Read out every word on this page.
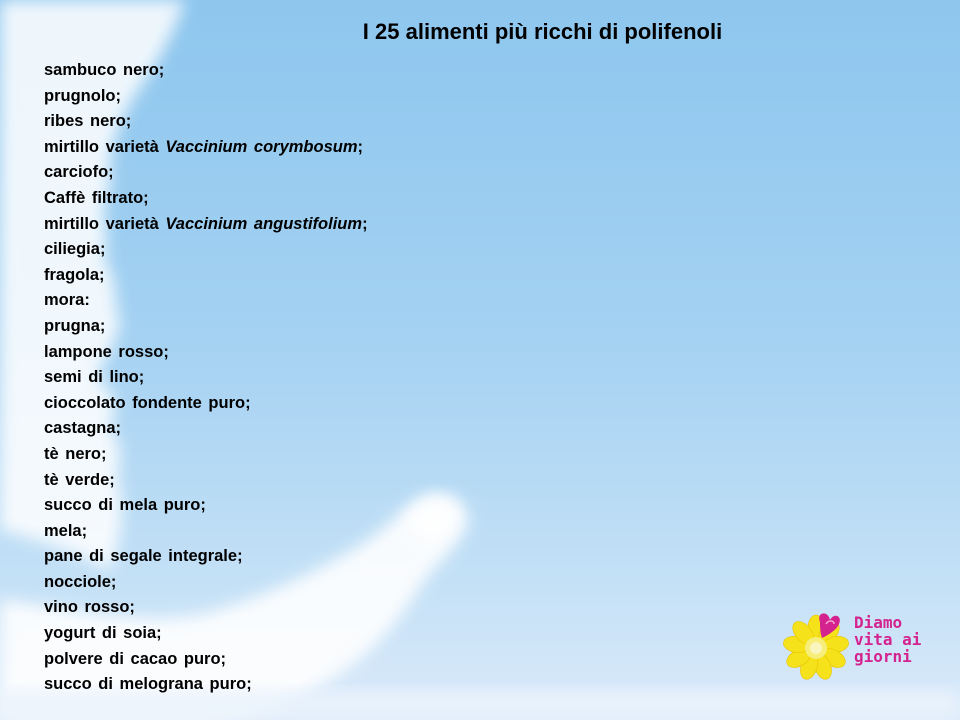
I 25 alimenti più ricchi di polifenoli
sambuco nero;
prugnolo;
ribes nero;
mirtillo varietà Vaccinium corymbosum;
carciofo;
Caffè filtrato;
mirtillo varietà Vaccinium angustifolium;
ciliegia;
fragola;
mora:
prugna;
lampone rosso;
semi di lino;
cioccolato fondente puro;
castagna;
tè nero;
tè verde;
succo di mela puro;
mela;
pane di segale integrale;
nocciole;
vino rosso;
yogurt di soia;
polvere di cacao puro;
succo di melograna puro;
Diamo
vita ai
giorni
